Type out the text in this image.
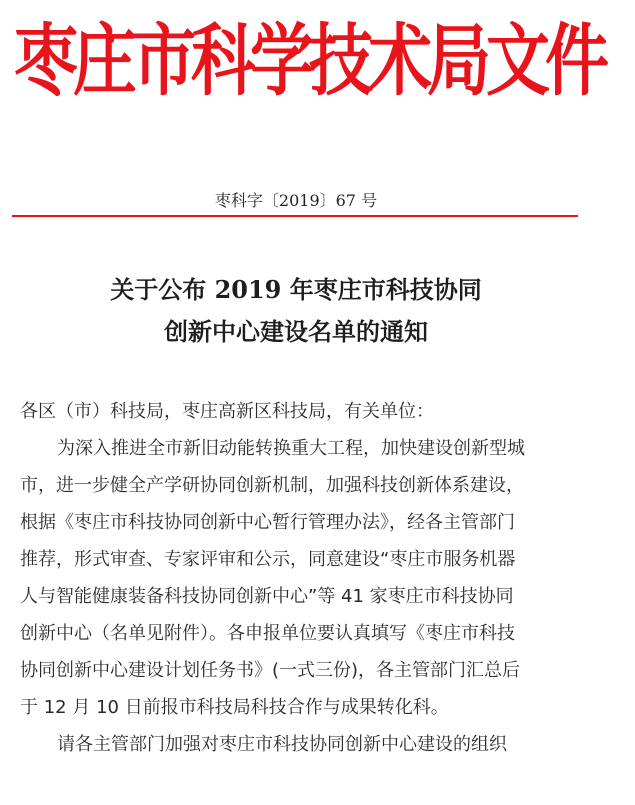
枣庄市科学技术局文件
枣科字〔2019〕67 号
关于公布 2019 年枣庄市科技协同
创新中心建设名单的通知
各区（市）科技局，枣庄高新区科技局，有关单位：
为深入推进全市新旧动能转换重大工程，加快建设创新型城
市，进一步健全产学研协同创新机制，加强科技创新体系建设，
根据《枣庄市科技协同创新中心暂行管理办法》，经各主管部门
推荐，形式审查、专家评审和公示，同意建设“枣庄市服务机器
人与智能健康装备科技协同创新中心”等 41 家枣庄市科技协同
创新中心（名单见附件）。各申报单位要认真填写《枣庄市科技
协同创新中心建设计划任务书》(一式三份)，各主管部门汇总后
于 12 月 10 日前报市科技局科技合作与成果转化科。
请各主管部门加强对枣庄市科技协同创新中心建设的组织
